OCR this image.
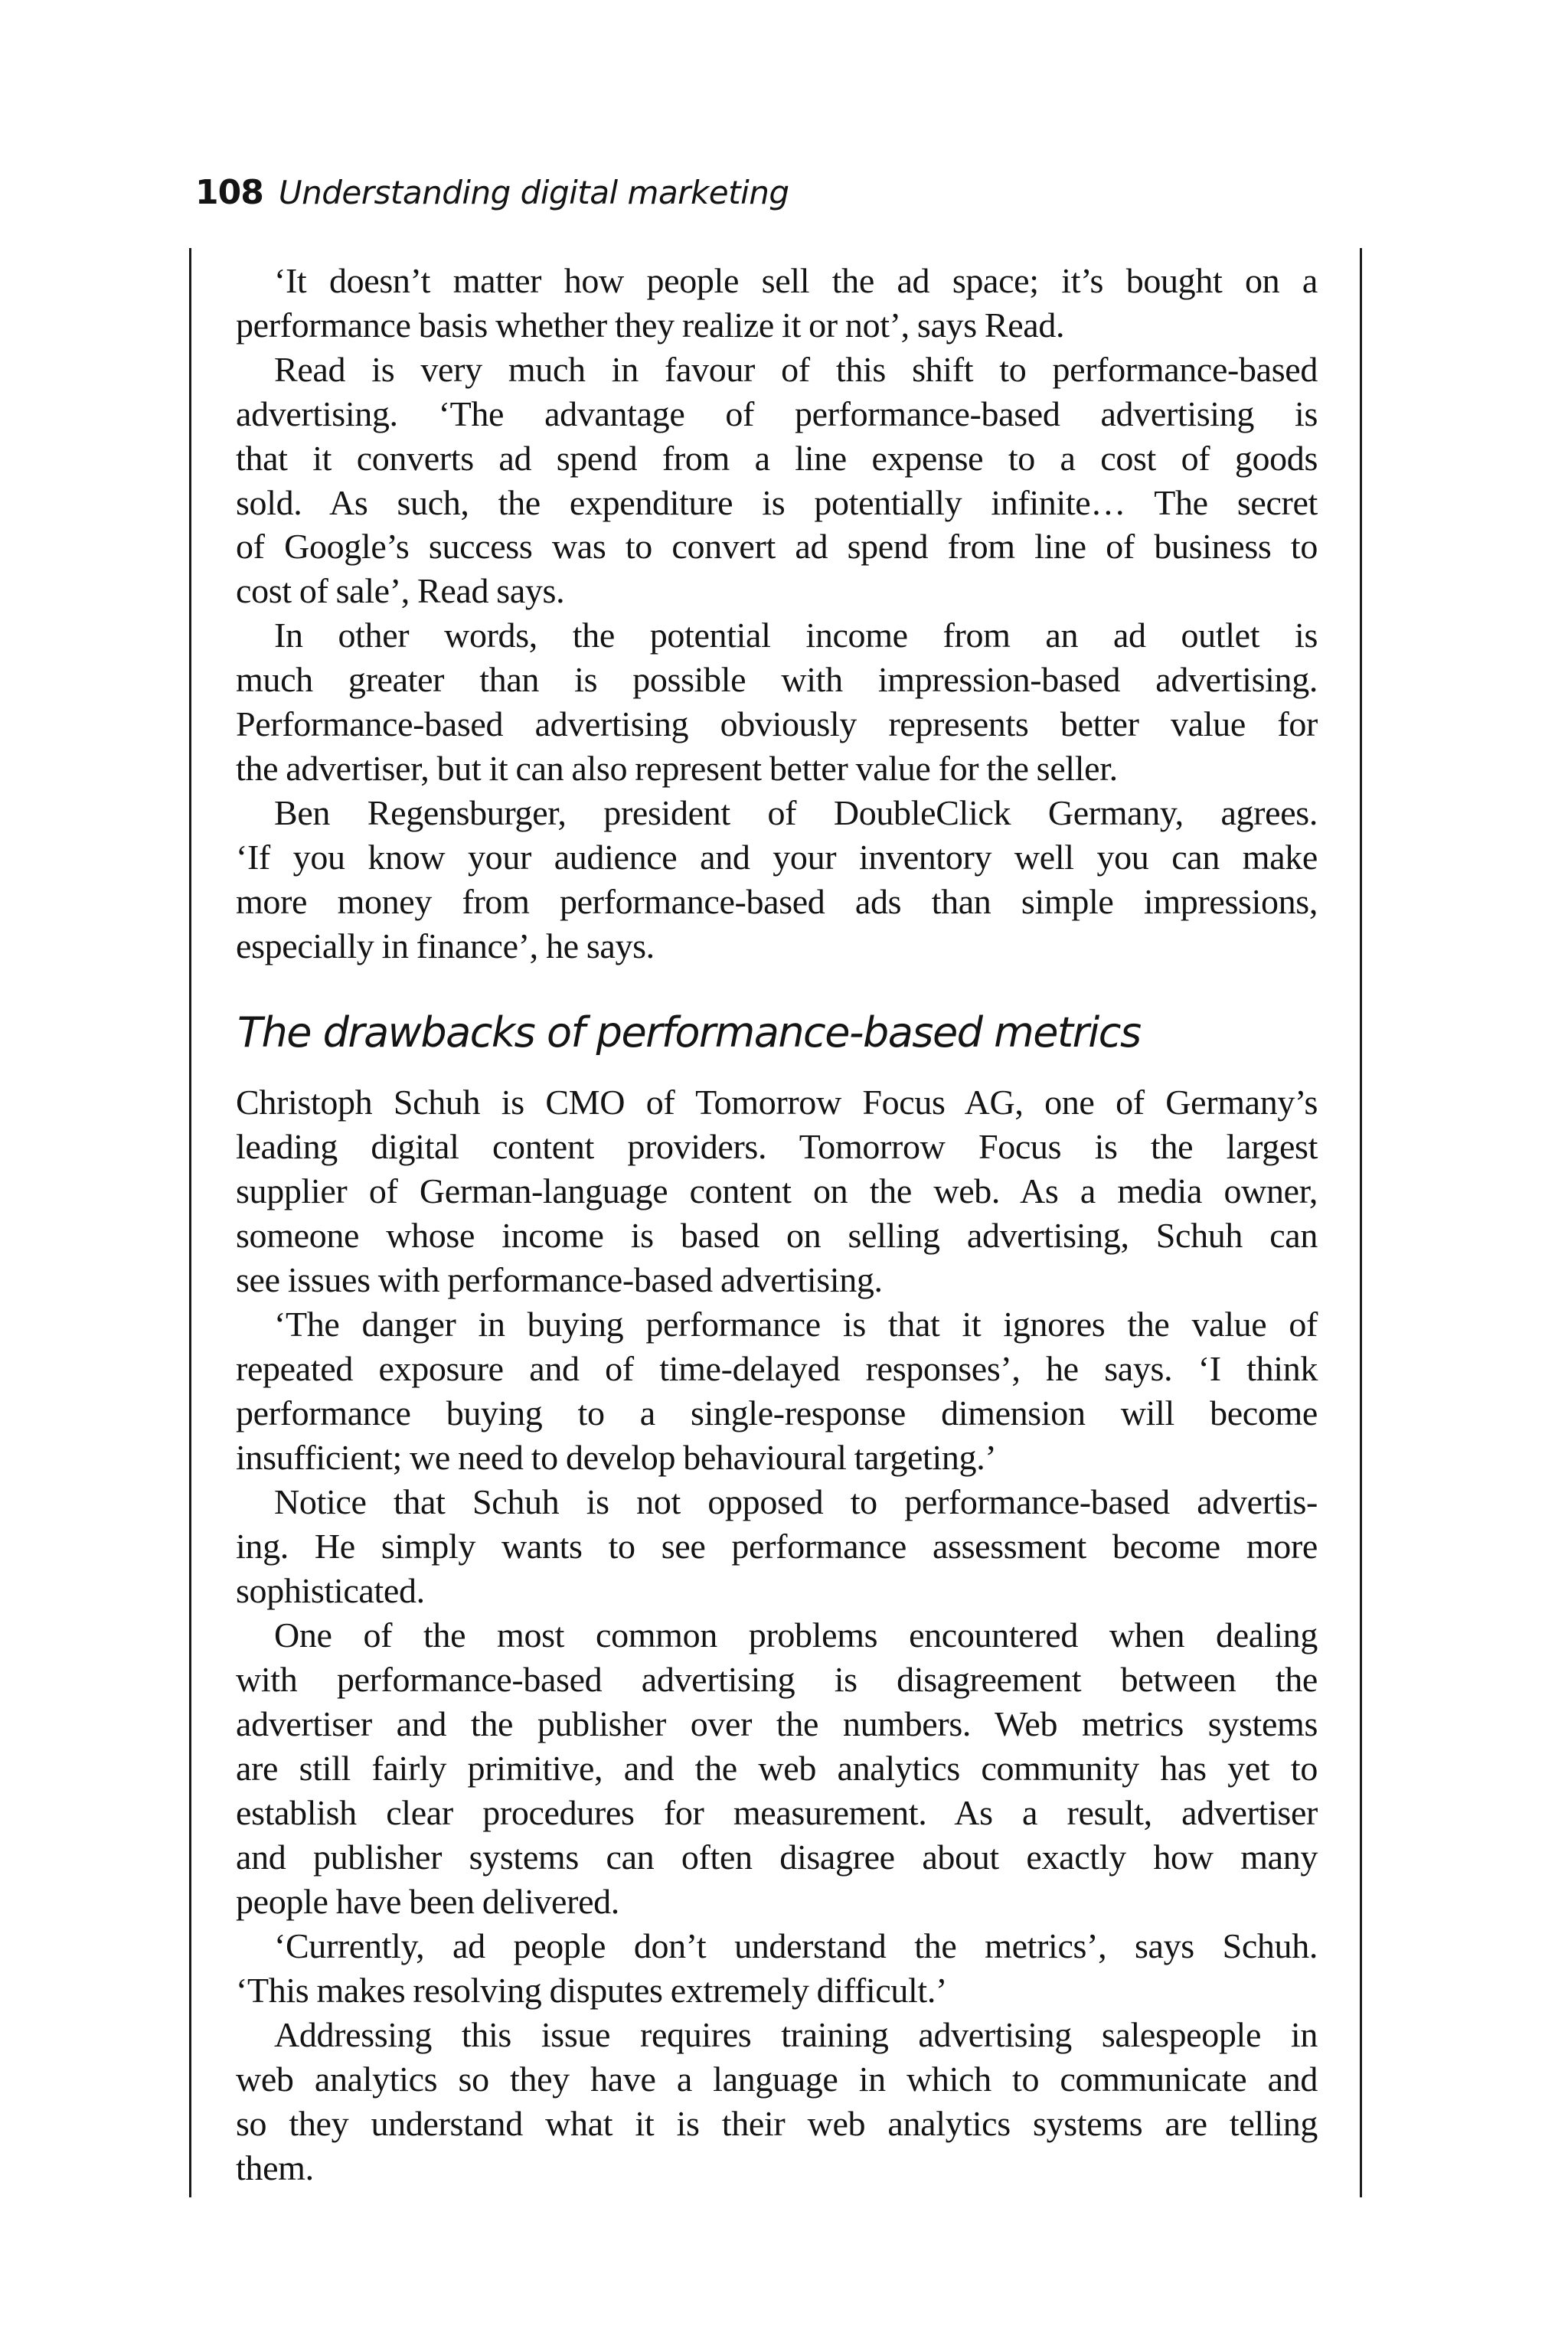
108 Understanding digital marketing
‘It doesn’t matter how people sell the ad space; it’s bought on a
performance basis whether they realize it or not’, says Read.
Read is very much in favour of this shift to performance-based
advertising. ‘The advantage of performance-based advertising is
that it converts ad spend from a line expense to a cost of goods
sold. As such, the expenditure is potentially infinite… The secret
of Google’s success was to convert ad spend from line of business to
cost of sale’, Read says.
In other words, the potential income from an ad outlet is
much greater than is possible with impression-based advertising.
Performance-based advertising obviously represents better value for
the advertiser, but it can also represent better value for the seller.
Ben Regensburger, president of DoubleClick Germany, agrees.
‘If you know your audience and your inventory well you can make
more money from performance-based ads than simple impressions,
especially in finance’, he says.
The drawbacks of performance-based metrics
Christoph Schuh is CMO of Tomorrow Focus AG, one of Germany’s
leading digital content providers. Tomorrow Focus is the largest
supplier of German-language content on the web. As a media owner,
someone whose income is based on selling advertising, Schuh can
see issues with performance-based advertising.
‘The danger in buying performance is that it ignores the value of
repeated exposure and of time-delayed responses’, he says. ‘I think
performance buying to a single-response dimension will become
insufficient; we need to develop behavioural targeting.’
Notice that Schuh is not opposed to performance-based advertis-
ing. He simply wants to see performance assessment become more
sophisticated.
One of the most common problems encountered when dealing
with performance-based advertising is disagreement between the
advertiser and the publisher over the numbers. Web metrics systems
are still fairly primitive, and the web analytics community has yet to
establish clear procedures for measurement. As a result, advertiser
and publisher systems can often disagree about exactly how many
people have been delivered.
‘Currently, ad people don’t understand the metrics’, says Schuh.
‘This makes resolving disputes extremely difficult.’
Addressing this issue requires training advertising salespeople in
web analytics so they have a language in which to communicate and
so they understand what it is their web analytics systems are telling
them.
